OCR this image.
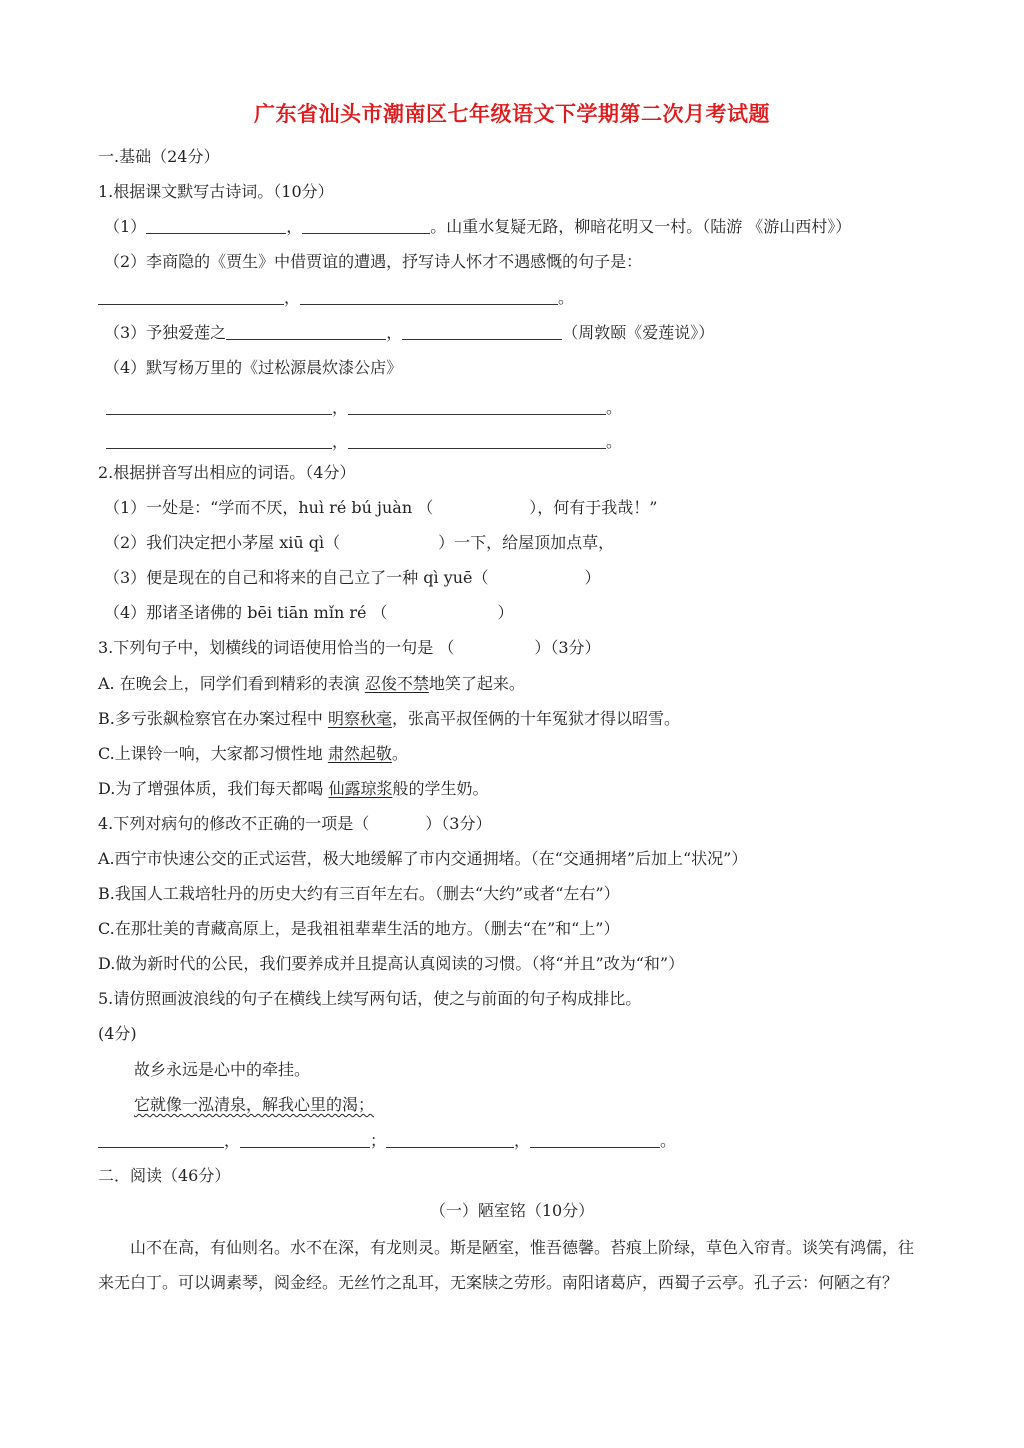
广东省汕头市潮南区七年级语文下学期第二次月考试题
一.基础（24分）
1.根据课文默写古诗词。（10分）
（1）	，	。山重水复疑无路，柳暗花明又一村。（陆游 《游山西村》）
（2）李商隐的《贾生》中借贾谊的遭遇，抒写诗人怀才不遇感慨的句子是：
，	。
（3）予独爱莲之	，	（周敦颐《爱莲说》）
（4）默写杨万里的《过松源晨炊漆公店》
，	。
，	。
2.根据拼音写出相应的词语。（4分）
（1）一处是：“学而不厌，huì ré bú juàn （	），何有于我哉！”
（2）我们决定把小茅屋 xiū qì（	）一下，给屋顶加点草，
（3）便是现在的自己和将来的自己立了一种 qì yuē（	）
（4）那诸圣诸佛的 bēi tiān mǐn ré （	）
3.下列句子中，划横线的词语使用恰当的一句是 （	）（3分）
A. 在晚会上，同学们看到精彩的表演 忍俊不禁地笑了起来。
B.多亏张飙检察官在办案过程中 明察秋毫，张高平叔侄俩的十年冤狱才得以昭雪。
C.上课铃一响，大家都习惯性地 肃然起敬。
D.为了增强体质，我们每天都喝 仙露琼浆般的学生奶。
4.下列对病句的修改不正确的一项是（	）（3分）
A.西宁市快速公交的正式运营，极大地缓解了市内交通拥堵。（在“交通拥堵”后加上“状况”）
B.我国人工栽培牡丹的历史大约有三百年左右。（删去“大约”或者“左右”）
C.在那壮美的青藏高原上，是我祖祖辈辈生活的地方。（删去“在”和“上”）
D.做为新时代的公民，我们要养成并且提高认真阅读的习惯。（将“并且”改为“和”）
5.请仿照画波浪线的句子在横线上续写两句话，使之与前面的句子构成排比。
(4分)
故乡永远是心中的牵挂。
它就像一泓清泉，解我心里的渴；
，	；	，	。
二．阅读（46分）
（一）陋室铭（10分）
山不在高，有仙则名。水不在深，有龙则灵。斯是陋室，惟吾德馨。苔痕上阶绿，草色入帘青。谈笑有鸿儒，往来无白丁。可以调素琴，阅金经。无丝竹之乱耳，无案牍之劳形。南阳诸葛庐，西蜀子云亭。孔子云：何陋之有？
